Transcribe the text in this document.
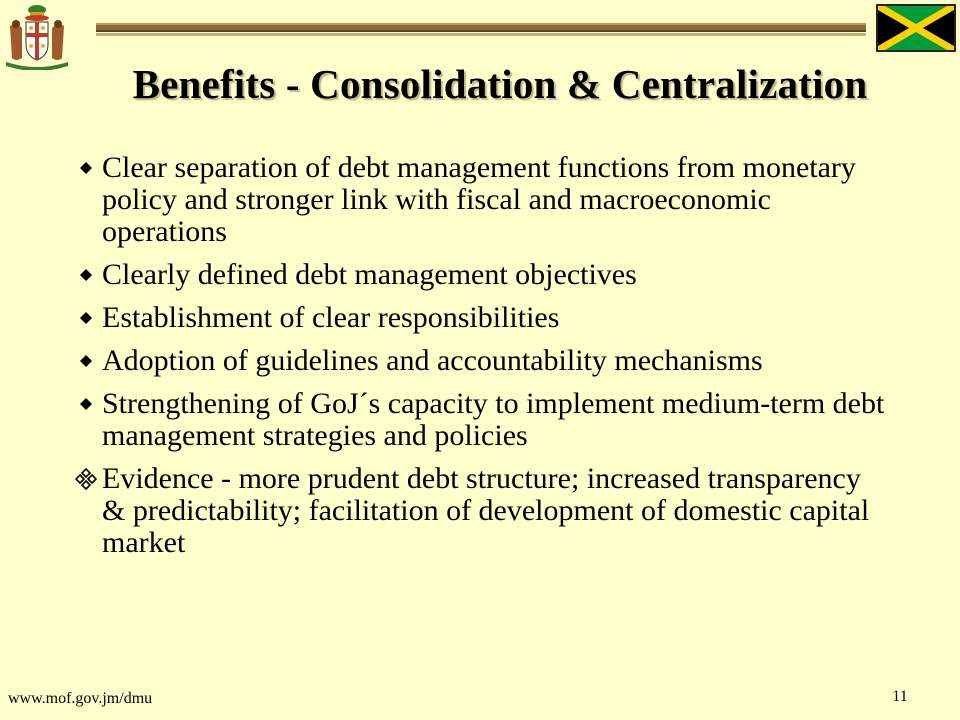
Benefits - Consolidation & Centralization
Clear separation of debt management functions from monetary policy and stronger link with fiscal and macroeconomic operations
Clearly defined debt management objectives
Establishment of clear responsibilities
Adoption of guidelines and accountability mechanisms
Strengthening of GoJ´s capacity to implement medium-term debt management strategies and policies
Evidence - more prudent debt structure; increased transparency & predictability; facilitation of development of domestic capital market
www.mof.gov.jm/dmu	11
